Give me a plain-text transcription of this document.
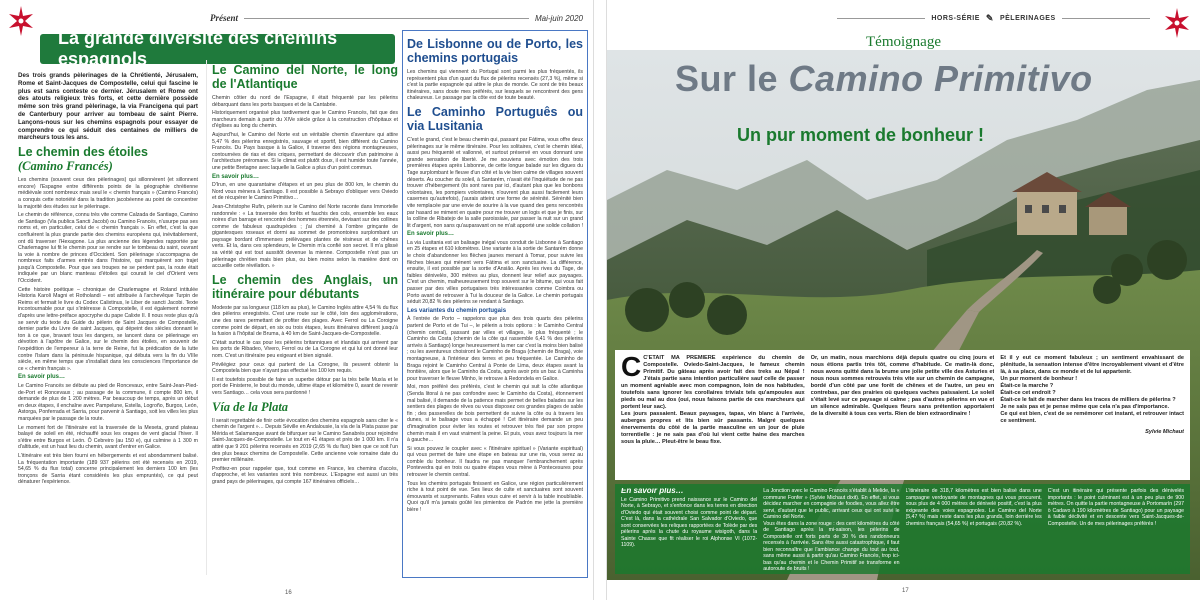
Présent	Mai-juin 2020
La grande diversité des chemins espagnols

Des trois grands pèlerinages de la Chrétienté, Jérusalem, Rome et Saint-Jacques de Compostelle, celui qui fascine le plus est sans conteste ce dernier. Jérusalem et Rome ont des atouts religieux très forts, et cette dernière possède même son très grand pèlerinage, la via Francigena qui part de Canterbury pour arriver au tombeau de saint Pierre. Lançons-nous sur les chemins espagnols pour essayer de comprendre ce qui séduit des centaines de milliers de marcheurs tous les ans.

Le chemin des étoiles
(Camino Francés)

Les chemins (souvent ceux des pèlerinages) qui sillonnèrent (et sillonnent encore) l'Espagne entre différents points de la géographie chrétienne médiévale sont nombreux mais seul le « chemin français » (Camino Francés) a conquis cette notoriété dans la tradition jacobéenne au point de concentrer la majorité des études sur le pèlerinage.

Le chemin de référence, connu très vite comme Calzada de Santiago, Camino de Santiago (Via publica Sancti Jacobi) ou Camino Francés, n'usurpe pas ses noms et, en particulier, celui de « chemin français ». En effet, c'est la que confluèrent la plus grande partie des chemins européens qui, inévitablement, ont dû traverser l'Hexagone. La plus ancienne des légendes rapportée par Charlemagne lui fit le chemin pour se rendre sur le tombeau du saint, ouvrant la voie à nombre de princes d'Occident. Son pèlerinage s'accompagna de nombreux faits d'armes entrés dans l'histoire, qui marquèrent son trajet jusqu'à Compostelle. Pour que ses troupes ne se perdent pas, la route était indiquée par un blanc manteau d'étoiles qui courait le ciel d'Orient vers l'Occident.

Cette histoire poétique – chronique de Charlemagne et Roland intitulée Historia Karoli Magni et Rotholandi – est attribuée à l'archevêque Turpin de Reims et fermait le livre du Codex Calixtinus, le Liber de sancti Jacobi. Texte incontournable pour qui s'intéresse à Compostelle, il est également nommé d'après une lettre-préface apocryphe du pape Calixte II. Il nous reste plus qu'à se servir du texte du Guide du pèlerin de Saint Jacques de Compostelle, dernier partie du Livre de saint Jacques, qui dépeint des siècles donnant le ton à ce que, bravant tous les dangers, se lancent dans ce pèlerinage en dévotion à l'apôtre de Galice, sur le chemin des étoiles, en souvenir de l'expédition de l'empereur à la terre de Reine, fut la prédication de la lutte contre l'Islam dans la péninsule hispanique, qui débuta vers la fin du VIIIe siècle, en même temps que s'installait dans les consciences l'importance de ce « chemin français ».

En savoir plus…

Le Camino Francés se débute au pied de Roncevaux, entre Saint-Jean-Pied-de-Port et Roncevaux ; au passage de la commune, il compte 800 km, il demande de plus de 1 200 mètres. Par beaucoup de temps, après un début en deux étapes, il enchaîne avec Pampelune, Estella, Logroño, Burgos, León, Astorga, Ponferrada et Sarria, pour parvenir à Santiago, soit les villes les plus marquées par le passage de la route.

Le moment fort de l'itinéraire est la traversée de la Meseta, grand plateau balayé de soleil en été, réchauffé sous les orages de vent glacial l'hiver. Il s'étire entre Burgos et León. Ô Cebreiro (au 150 e), qui culmine à 1 300 m d'altitude, est un haut lieu du chemin, avant d'entrer en Galice.

L'itinéraire est très bien fourni en hébergements et est abondamment balisé. La fréquentation importante (189 937 pèlerins ont été recensés en 2019, 54,65 % du flux total) concerne principalement les derniers 100 km (les tronçons de Sarria étant considérés les plus empruntés), ce qui peut dénaturer l'expérience.

Le Camino del Norte, le long de l'Atlantique

Chemin côtier du nord de l'Espagne, il était fréquenté par les pèlerins débarquant dans les ports basques et de la Cantabrie.

Historiquement organisé plus tardivement que le Camino Francés, fait que des marcheurs demain à partir du XIVe siècle grâce à la construction d'hôpitaux et d'églises au long du chemin.

Aujourd'hui, le Camino del Norte est un véritable chemin d'aventure qui attire 5,47 % des pèlerins enregistrés, sauvage et sportif, bien différent du Camino Francés. Du Pays basque à la Galice, il traverse des régions montagneuses, contournées de rias et des criques, permettant de découvrir d'un patrimoine à l'architecture préromane. Si le climat est plutôt doux, il est humide toute l'année, une petite Bretagne avec laquelle la Galice a plus d'un point commun.

En savoir plus…

D'Irun, en une quarantaine d'étapes et un peu plus de 800 km, le chemin du Nord vous mènera à Santiago. Il est possible à Sebrayo d'obliquer vers Oviedo et de récupérer le Camino Primitivo…

Jean-Christophe Rufin, pèlerin sur le Camino del Norte raconte dans Immortelle randonnée : « La traversée des forêts et fauchis des cols, ensemble les eaux noires d'un barrage et rencontré des hommes étrennés, devisant sur des collines comme de fabuleux quadrupèdes ; j'ai cheminé à l'ombre grinçante de gigantesques roseaux et dormi au sommet de promontoires surplombant un paysage bordant d'immenses prélèvages plantes de résineux et de chênes verts. Et la, dans ces splendeurs, le Chemin m'a confié son secret. Il m'a glissé sa vérité qui est tout aussitôt devenue la mienne. Compostelle n'est pas un pèlerinage chrétien mais bien plus, ou bien moins selon la manière dont on accueille cette révélation. »

Le chemin des Anglais, un itinéraire pour débutants

Modeste par sa longueur (118 km au plus), le Camino Inglés attire 4,54 % du flux des pèlerins enregistrés. C'est une route sur le côté, loin des agglomérations, une des rares permettant de profiter des plages. Avec Ferrol ou La Coroigne comme point de départ, en six ou trois étapes, leurs itinéraires diffèrent jusqu'à la fusion à l'hôpital de Bruma, à 40 km de Saint-Jacques-de-Compostelle.

C'était surtout le cas pour les pèlerins britanniques et irlandais qui arrivent par les ports de Ribadeo, Vivero, Ferrol ou de La Corogne et qui lui ont donné leur nom. C'est un itinéraire peu exigeant et bien signalé.

Privilégiez pour ceux qui partent de La Corogne, ils peuvent obtenir la Compostela bien que n'ayant pas effectué les 100 km requis.

Il est toutefois possible de faire un superbe détour par la très belle Muxía et le port de Finisterre, le bout du monde, ultime étape et kilomètre 0, avant de revenir vers Santiago… cela vous sera pardonné !

Vía de la Plata

Il serait regrettable de finir cette évocation des chemins espagnols sans citer le « chemin de l'argent »… Depuis Séville en Andalousie, la vía de la Plata passe par Mérida et Salamanque avant de bifurquer sur le Camino Sanabrés pour rejoindre Saint-Jacques-de-Compostelle. Le tout en 41 étapes et près de 1 000 km. Il n'a attiré que 9 201 pèlerins recensés en 2019 (2,65 % du flux) bien que ce soit l'un des plus beaux chemins de Compostelle. Cette ancienne voie romaine date du premier millénaire.

Profitez-en pour rappeler que, tout comme en France, les chemins d'accès, d'approche, et les variantes sont très nombreux. L'Espagne est aussi un très grand pays de pèlerinages, qui compte 167 itinéraires officiels…

De Lisbonne ou de Porto, les chemins portugais

Les chemins qui viennent du Portugal sont parmi les plus fréquentés, ils représentent plus d'un quart du flux de pèlerins recensés (27,3 %), même si c'est la partie espagnole qui attire le plus de monde. Ce sont de très beaux itinéraires, sans doute mes préférés, sur lesquels se rencontrent des gens chaleureux. Le passage par la côte est de toute beauté.

Le Caminho Português ou via Lusitania

C'est le grand, c'est le beau chemin qui, passant par Fátima, vous offre deux pèlerinages sur le même itinéraire. Pour les solitaires, c'est le chemin idéal, aussi peu fréquenté et vallonné, et surtout préservé en vous donnant une grande sensation de liberté. Je me souviens avec émotion des trois premières étapes après Lisbonne, de cette longue balade sur les digues du Tage surplombant le fleuve d'un côté et la vie bien calme de villages souvent déserts. Au coucher du soleil, à Santarém, n'avait été l'inquiétude de ne pas trouver d'hébergement (ils sont rares par ici, d'autant plus que les bonbons volontaires, les pompiers volontaires, n'ouvrent plus aussi facilement leurs casernes qu'autrefois), j'aurais atteint une forme de sérénité. Sérénité bien vite remplacée par une envie de sourire à la vue quand des gens rencontrés par hasard se miment en quatre pour me trouver un logis et que je finis, sur la colline de Ribatejo de la salle paroissiale, par passer la nuit sur un grand lit d'argent, non sans qu'auparavant on ne m'ait apporté une solide collation !

En savoir plus…

La via Lusitania est un balisage inégal vous conduit de Lisbonne à Santiago en 25 étapes et 610 kilomètres. Une variante à la sortie de Santarém donne le choix d'abandonner les flèches jaunes menant à Tomar, pour suivre les flèches bleues qui mènent vers Fátima et son sanctuaire. La différence, ensuite, il est possible par la sortie d'Ansião. Après les rives du Tage, de faibles dénivelés, 300 mètres au plus, donnent leur relief aux paysages. C'est un chemin, malheureusement trop souvent sur le bitume, qui vous fait passer par des villes portugaises très intéressantes comme Coimbra ou Porto avant de retrouver à Tui la douceur de la Galice. Le chemin portugais séduit 20,82 % des pèlerins se rendant à Santiago.

Les variantes du chemin portugais

À l'entrée de Porto – rappelons que plus des trois quarts des pèlerins partent de Porto et de Tui –, le pèlerin a trois options : le Caminho Central (chemin central), passant par villes et villages, le plus fréquenté ; le Caminho da Costa (chemin de la côte qui rassemble 6,41 % des pèlerins arrivés à Santiago) longe heureusement la mer car c'est la moins bien balisé ; ou les aventureux choisiront le Caminho de Braga (chemin de Braga), voie montagneuse, à l'intérieur des terres et peu fréquentée. Le Caminho de Braga rejoint le Caminho Central à Ponte de Lima, deux étapes avant la frontière, alors que le Caminho da Costa, après avoir pris un bac à Caminha pour traverser le fleuve Minho, le retrouve à Redondela en Galice.

Moi, mon préféré des préférés, c'est le chemin qui suit la côte atlantique (Senda litoral à ne pas confondre avec le Caminho da Costa), étonnement mal balisé, il demande de la patience mais permet de belles balades sur les sentiers des plages de rêves ou vous disposez ces grandes plages de sable fin ; des passerelles de bois permettent de suivre la côte ou à travers les dunes, si le balisage vous a échappé ! Cet itinéraire demande un peu d'imagination pour éviter les routes et retrouver très fixé par son propre chemin mais il en vaut vraiment la peine. Et puis, vous avez toujours la mer à gauche…

Si vous pouvez le coupler avec « l'itinéraire spirituel » (Variante espiritual) qui vous permet de faire une étape en bateau sur une ria, vous serez au comble du bonheur. Il faudra ne pas manquer l'embranchement après Pontevedra qui en trois ou quatre étapes vous mène à Pontecesures pour retrouver le chemin central.

Tous les chemins portugais finissent en Galice, une région particulièrement riche à tout point de vue. Ses lieux de culte et sanctuaires sont souvent émouvants et surprenants. Faites vous cuire et servir à la table inoubliable. Quoi qu'il m'a jamais goûté les pimientos de Padrón me jette la première bière !

16
HORS-SÉRIE ✎ PÈLERINAGES
Témoignage
Sur le Camino Primitivo
Un pur moment de bonheur !
C C'ÉTAIT MA PREMIÈRE expérience du chemin de Compostelle. Oviedo-Saint-Jacques, le fameux chemin Primitif. Du gâteau après avoir fait des treks au Népal ! J'étais partie sans intention particulière sauf celle de passer un moment agréable avec mon compagnon, loin de nos habitudes, toutefois sans ignorer les corollaires trivialx tels qu'ampoules aux pieds ou mal au dos (oui, nous faisons partie de ces marcheurs qui portent leur sac).

Les jours passaient. Beaux paysages, tapas, vin blanc à l'arrivée, auberges propres et lits bien sûr passants. Malgré quelques énervements du côté de la partie masculine en un jour de pluie torrentielle : je ne sais pas d'où lui vient cette haine des marches sous la pluie… Pleut-être le beau fixe.

Or, un matin, nous marchions déjà depuis quatre ou cinq jours et nous étions partis très tôt, comme d'habitude. Ce matin-là donc, nous avons quitté dans la brume une jolie petite ville des Asturies et nous nous sommes retrouvés très vite sur un chemin de campagne, bordé d'un côté par une forêt de chênes et de l'autre, un peu en contrebas, par des prairies où quelques vaches paissaient. Le soleil s'était levé sur ce paysage si calme ; pas d'autres pèlerins en vue et un silence admirable. Quelques fleurs sans prétention apportaient de la diversité à tous ces verts. Rien de bien extraordinaire !

Et il y eut ce moment fabuleux ; un sentiment envahissant de plénitude, la sensation intense d'être incroyablement vivant et d'être là, à sa place, dans ce monde et de lui appartenir.

Un pur moment de bonheur !

Était-ce la marche ?

Était-ce cet endroit ?

Était-ce le fait de marcher dans les traces de milliers de pèlerins ?

Je ne sais pas et je pense même que cela n'a pas d'importance.

Ce qui est bien, c'est de se remémorer cet instant, et retrouver intact ce sentiment.

Sylvie Michaut

En savoir plus…

Le Camino Primitivo prend naissance sur le Camino del Norte, à Sebrayo, et s'enfonce dans les terres en direction d'Oviedo qui était souvent choisi comme point de départ. C'est là, dans la cathédrale San Salvador d'Oviedo, que sont conservées les reliques rapportées de Tolède par des pèlerins après la chute du royaume wisigoth, dans la Sainte Chasse que fit réaliser le roi Alphonse VI (1072-1109).

La Jonction avec le Camino Francés s'établit à Melide, la « commune Fonfer » (Sylvie Michaut dixit). En effet, si vous décidez marcher en compagnie de foodies, vous allez être servi, d'autant que le public, arrivant ceux qui ont suivi le Camino del Norte.

Vous êtes dans la zone rouge : des cent kilomètres du côté de Santiago après la mi-saison, les pèlerins de Compostelle ont forts parts de 30 % des randonneurs recensés à l'arrivée. Sans être aussi catastrophique, il faut bien reconnaître que l'ambiance change du tout au tout, sans même aussi à partir qu'au Camino Francés, trop ici-bas qu'au chemin et le Chemin Primitif se transforme en autoroute de bruits !

L'itinéraire de 318,7 kilomètres est bien balisé dans une campagne verdoyante de montagnes qui vous procurent, nous plus de 4 000 mètres de dénivelé positif, c'est la plus exigeante des voies espagnoles. Le Camino del Norte (5,47 %) mais reste dans les plus grands, loin derrière les chemins français (54,65 %) et portugais (20,82 %).

C'est un itinéraire qui présente parfois des dénivelés importants : le point culminant est à un peu plus de 900 mètres. On quitte la partie montagneuse à Portomarín (297 ö Cadavo à 190 kilomètres de Santiago) pour un paysage à faible déclivité et en descente vers Saint-Jacques-de-Compostelle. Un de mes pèlerinages préférés !

17
